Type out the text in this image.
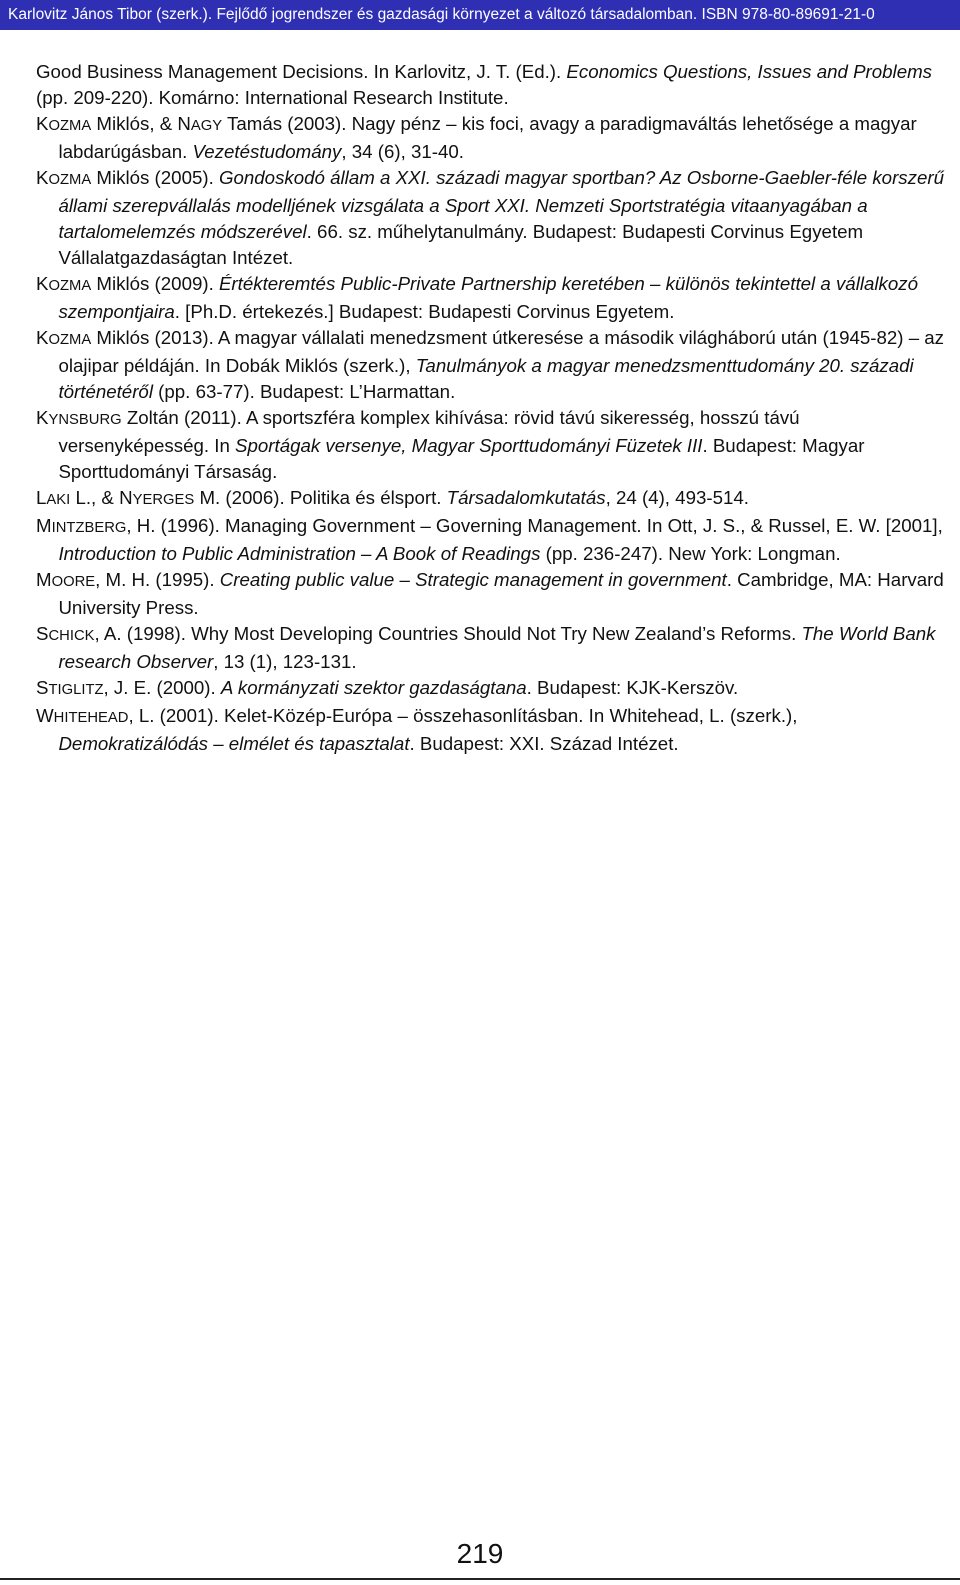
Karlovitz János Tibor (szerk.). Fejlődő jogrendszer és gazdasági környezet a változó társadalomban. ISBN 978-80-89691-21-0
Good Business Management Decisions. In Karlovitz, J. T. (Ed.). Economics Questions, Issues and Problems (pp. 209-220). Komárno: International Research Institute.
KOZMA Miklós, & NAGY Tamás (2003). Nagy pénz – kis foci, avagy a paradigmaváltás lehetősége a magyar labdarúgásban. Vezetéstudomány, 34 (6), 31-40.
KOZMA Miklós (2005). Gondoskodó állam a XXI. századi magyar sportban? Az Osborne-Gaebler-féle korszerű állami szerepvállalás modelljének vizsgálata a Sport XXI. Nemzeti Sportstratégia vitaanyagában a tartalomelemzés módszerével. 66. sz. műhelytanulmány. Budapest: Budapesti Corvinus Egyetem Vállalatgazdaságtan Intézet.
KOZMA Miklós (2009). Értékteremtés Public-Private Partnership keretében – különös tekintettel a vállalkozó szempontjaira. [Ph.D. értekezés.] Budapest: Budapesti Corvinus Egyetem.
KOZMA Miklós (2013). A magyar vállalati menedzsment útkeresése a második világháború után (1945-82) – az olajipar példáján. In Dobák Miklós (szerk.), Tanulmányok a magyar menedzsmenttudomány 20. századi történetéről (pp. 63-77). Budapest: L’Harmattan.
KYNSBURG Zoltán (2011). A sportszféra komplex kihívása: rövid távú sikeresség, hosszú távú versenyképesség. In Sportágak versenye, Magyar Sporttudományi Füzetek III. Budapest: Magyar Sporttudományi Társaság.
LAKI L., & NYERGES M. (2006). Politika és élsport. Társadalomkutatás, 24 (4), 493-514.
MINTZBERG, H. (1996). Managing Government – Governing Management. In Ott, J. S., & Russel, E. W. [2001], Introduction to Public Administration – A Book of Readings (pp. 236-247). New York: Longman.
MOORE, M. H. (1995). Creating public value – Strategic management in government. Cambridge, MA: Harvard University Press.
SCHICK, A. (1998). Why Most Developing Countries Should Not Try New Zealand’s Reforms. The World Bank research Observer, 13 (1), 123-131.
STIGLITZ, J. E. (2000). A kormányzati szektor gazdaságtana. Budapest: KJK-Kerszöv.
WHITEHEAD, L. (2001). Kelet-Közép-Európa – összehasonlításban. In Whitehead, L. (szerk.), Demokratizálódás – elmélet és tapasztalat. Budapest: XXI. Század Intézet.
219
